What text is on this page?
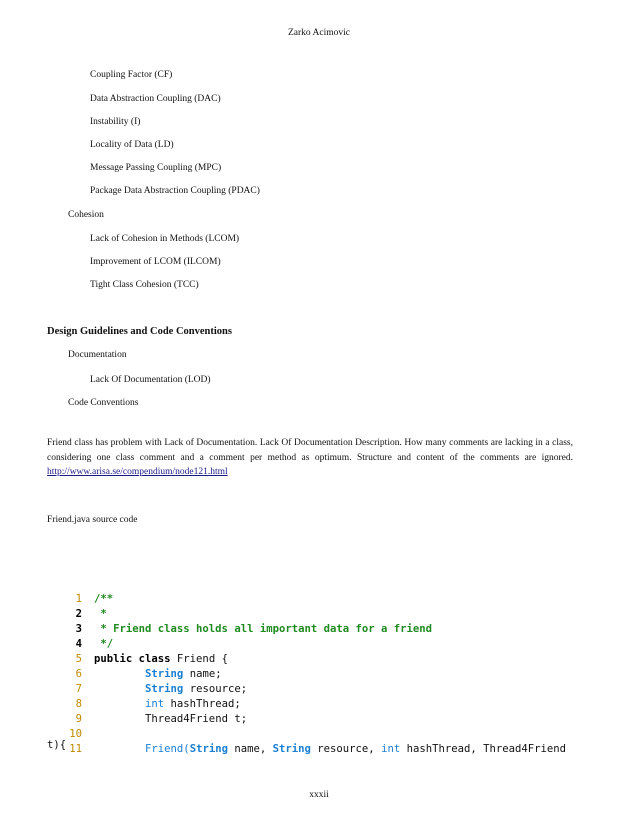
Zarko Acimovic
Coupling Factor (CF)
Data Abstraction Coupling (DAC)
Instability (I)
Locality of Data (LD)
Message Passing Coupling (MPC)
Package Data Abstraction Coupling (PDAC)
Cohesion
Lack of Cohesion in Methods (LCOM)
Improvement of LCOM (ILCOM)
Tight Class Cohesion (TCC)
Design Guidelines and Code Conventions
Documentation
Lack Of Documentation (LOD)
Code Conventions
Friend class has problem with Lack of Documentation. Lack Of Documentation Description. How many comments are lacking in a class, considering one class comment and a comment per method as optimum. Structure and content of the comments are ignored. http://www.arisa.se/compendium/node121.html
Friend.java source code
1 /**
2 *
3 * Friend class holds all important data for a friend
4 */
5 public class Friend {
6	String name;
7	String resource;
8	int hashThread;
9	Thread4Friend t;
10
11	Friend(String name, String resource, int hashThread, Thread4Friend
t){
xxxii
